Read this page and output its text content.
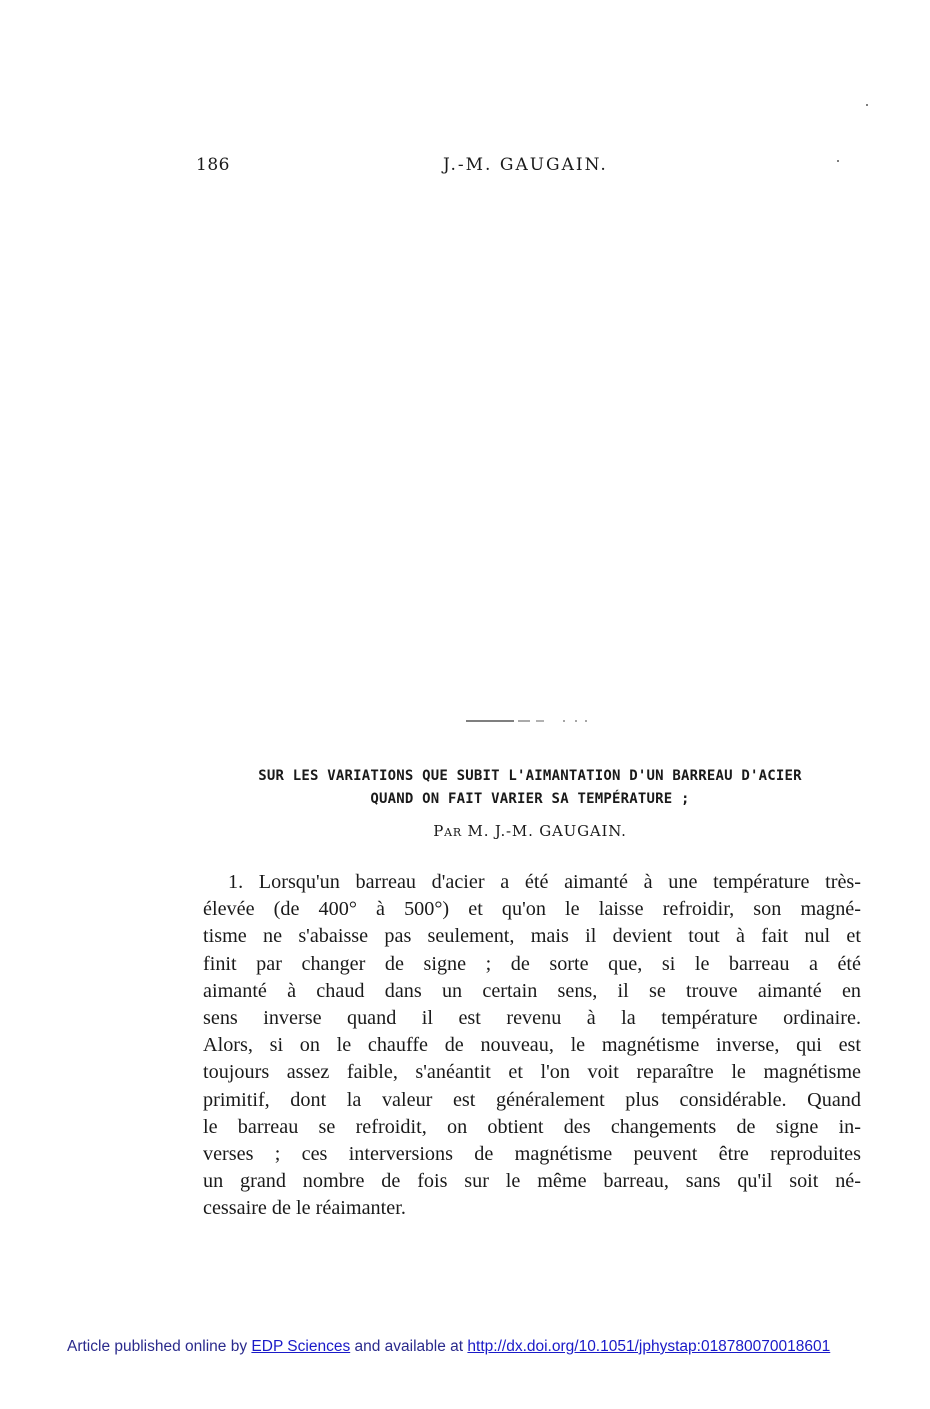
186	J.-M. GAUGAIN.
SUR LES VARIATIONS QUE SUBIT L'AIMANTATION D'UN BARREAU D'ACIER
QUAND ON FAIT VARIER SA TEMPÉRATURE ;
Par M. J.-M. GAUGAIN.
1. Lorsqu'un barreau d'acier a été aimanté à une température très-
élevée (de 400° à 500°) et qu'on le laisse refroidir, son magné-
tisme ne s'abaisse pas seulement, mais il devient tout à fait nul et
finit par changer de signe ; de sorte que, si le barreau a été
aimanté à chaud dans un certain sens, il se trouve aimanté en
sens inverse quand il est revenu à la température ordinaire.
Alors, si on le chauffe de nouveau, le magnétisme inverse, qui est
toujours assez faible, s'anéantit et l'on voit reparaître le magnétisme
primitif, dont la valeur est généralement plus considérable. Quand
le barreau se refroidit, on obtient des changements de signe in-
verses ; ces interversions de magnétisme peuvent être reproduites
un grand nombre de fois sur le même barreau, sans qu'il soit né-
cessaire de le réaimanter.
Article published online by EDP Sciences and available at http://dx.doi.org/10.1051/jphystap:018780070018601
